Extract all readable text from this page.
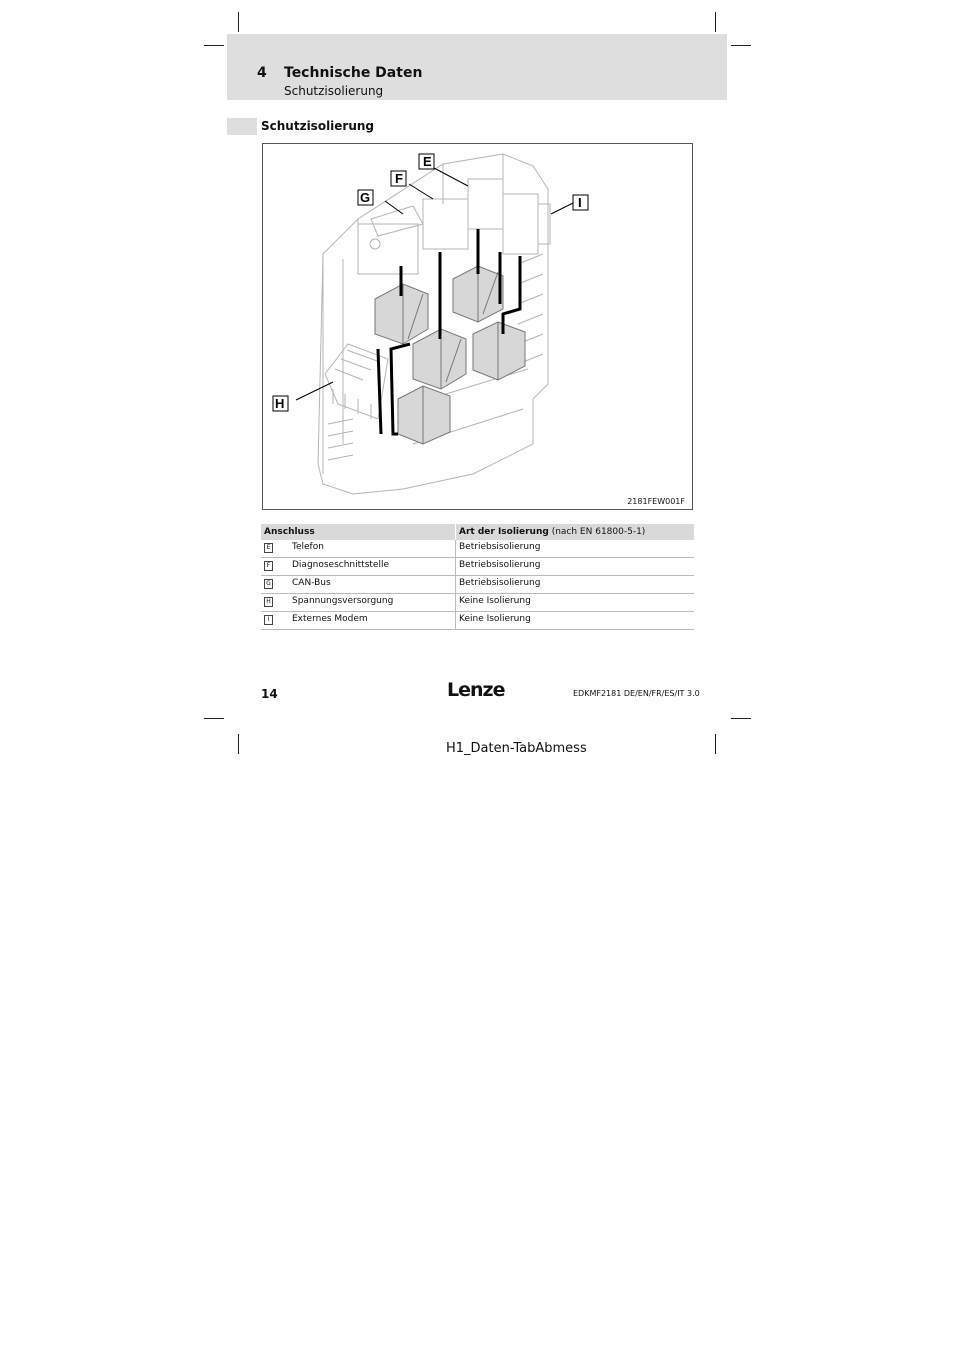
4 Technische Daten
Schutzisolierung
Schutzisolierung
E
F
G	I
H
2181FEW001F
Anschluss		Art der Isolierung (nach EN 61800-5-1)
E	Telefon	Betriebsisolierung
F	Diagnoseschnittstelle	Betriebsisolierung
G	CAN-Bus	Betriebsisolierung
H	Spannungsversorgung	Keine Isolierung
I	Externes Modem	Keine Isolierung
14	Lenze	EDKMF2181 DE/EN/FR/ES/IT 3.0
H1_Daten-TabAbmess
